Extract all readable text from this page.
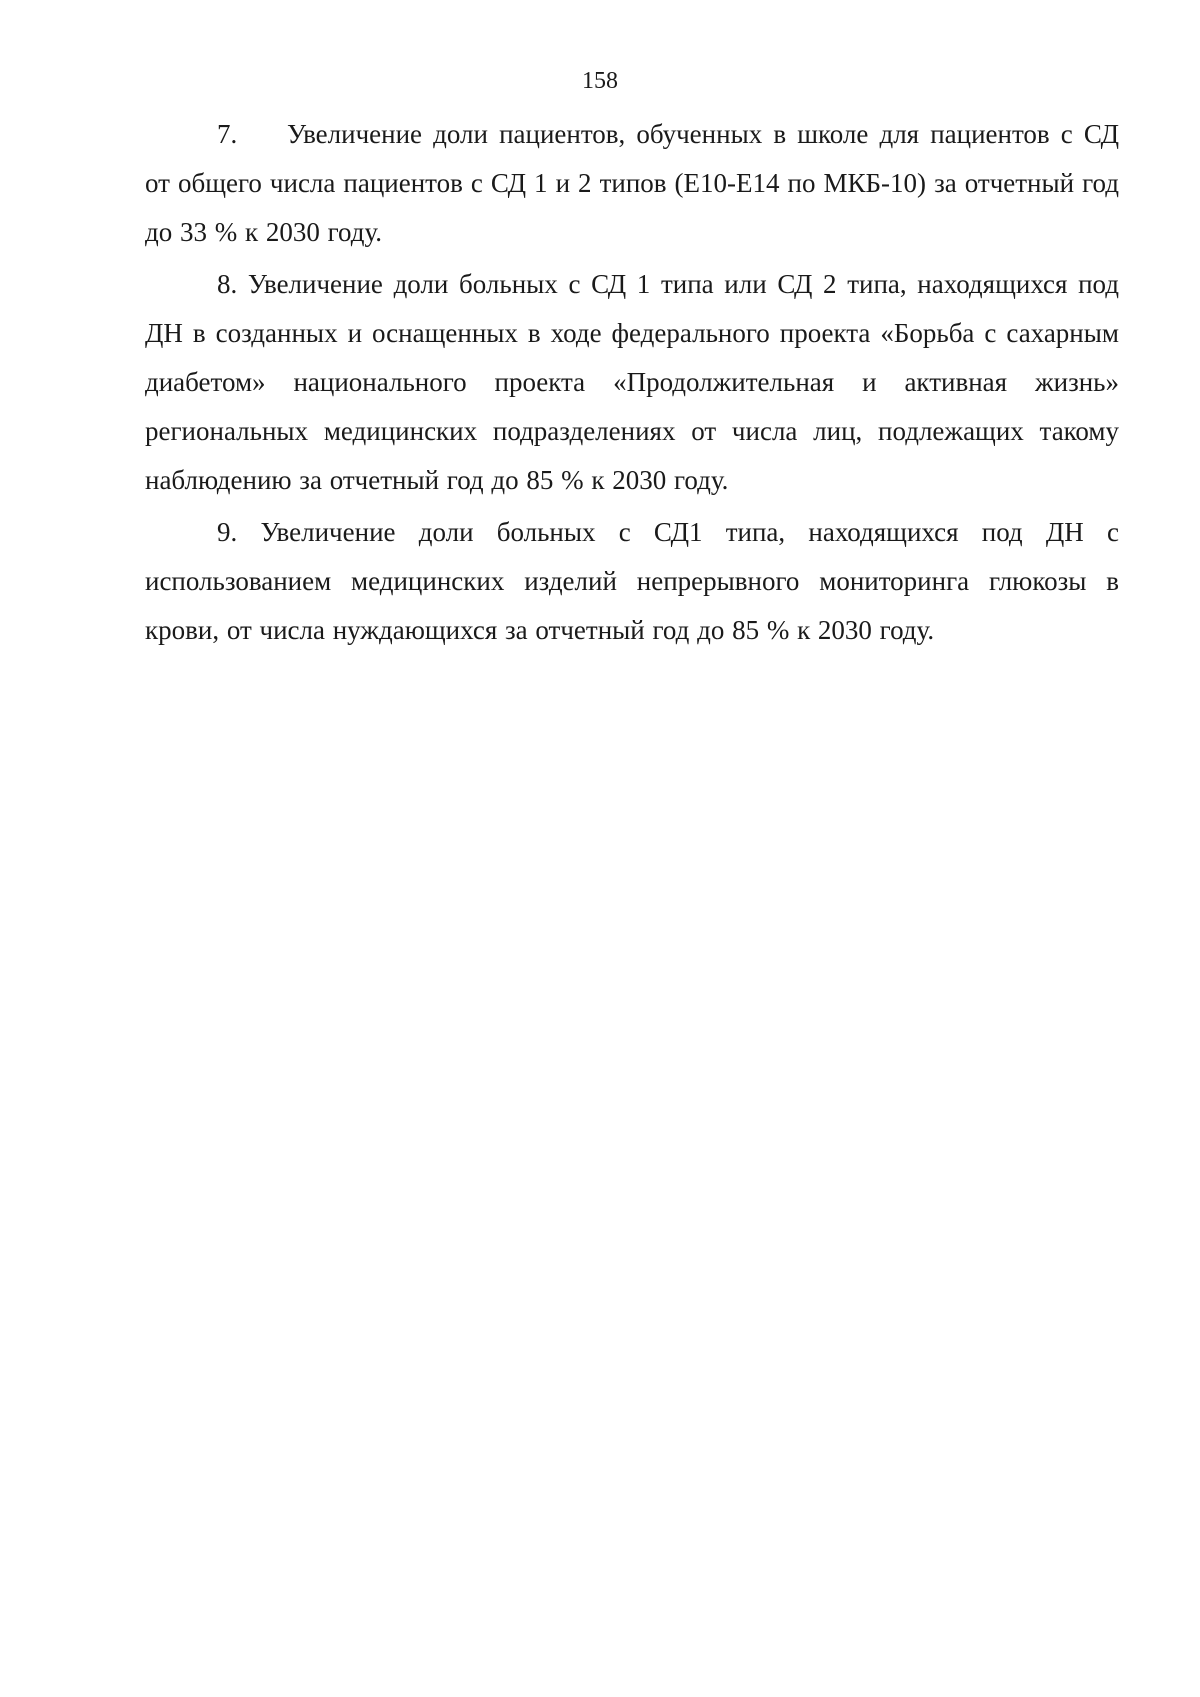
158

7. Увеличение доли пациентов, обученных в школе для пациентов с СД от общего числа пациентов с СД 1 и 2 типов (Е10-Е14 по МКБ-10) за отчетный год до 33 % к 2030 году.

8. Увеличение доли больных с СД 1 типа или СД 2 типа, находящихся под ДН в созданных и оснащенных в ходе федерального проекта «Борьба с сахарным диабетом» национального проекта «Продолжительная и активная жизнь» региональных медицинских подразделениях от числа лиц, подлежащих такому наблюдению за отчетный год до 85 % к 2030 году.

9. Увеличение доли больных с СД1 типа, находящихся под ДН с использованием медицинских изделий непрерывного мониторинга глюкозы в крови, от числа нуждающихся за отчетный год до 85 % к 2030 году.
